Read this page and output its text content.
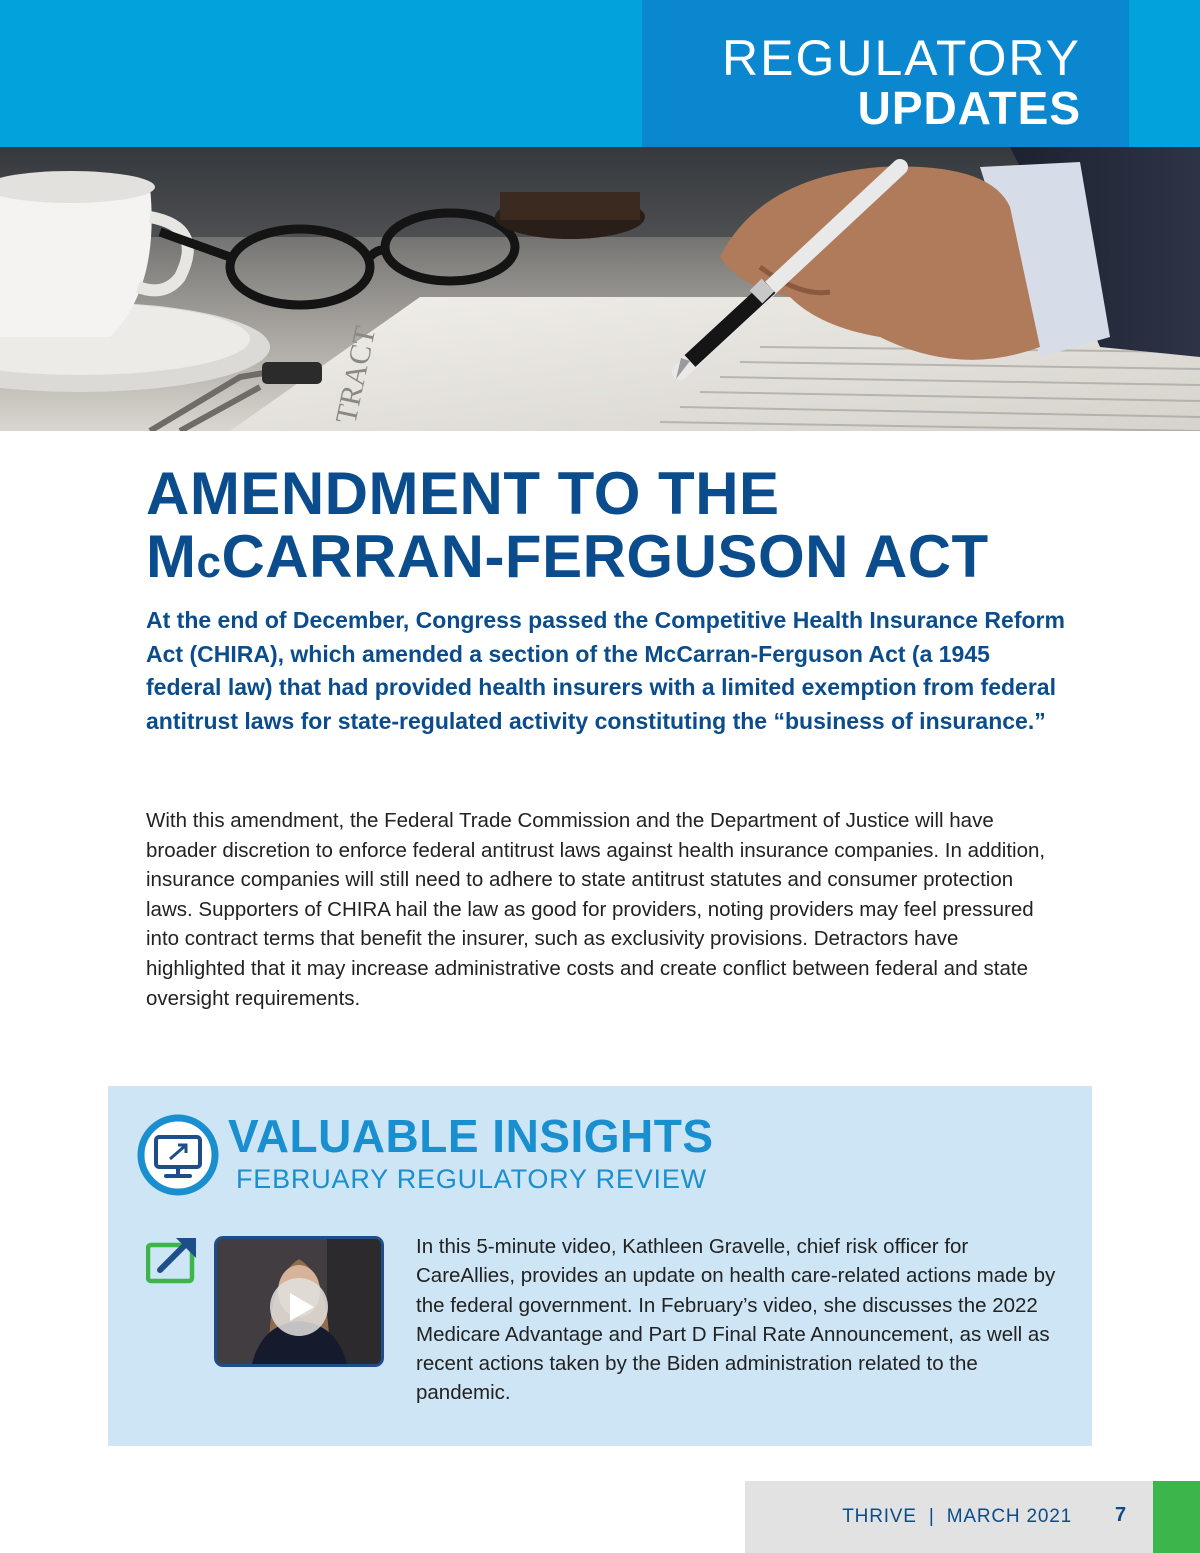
REGULATORY
UPDATES
TRACT
AMENDMENT TO THE
McCARRAN-FERGUSON ACT

At the end of December, Congress passed the Competitive Health Insurance Reform Act (CHIRA), which amended a section of the McCarran-Ferguson Act (a 1945 federal law) that had provided health insurers with a limited exemption from federal antitrust laws for state-regulated activity constituting the “business of insurance.”

With this amendment, the Federal Trade Commission and the Department of Justice will have broader discretion to enforce federal antitrust laws against health insurance companies. In addition, insurance companies will still need to adhere to state antitrust statutes and consumer protection laws. Supporters of CHIRA hail the law as good for providers, noting providers may feel pressured into contract terms that benefit the insurer, such as exclusivity provisions. Detractors have highlighted that it may increase administrative costs and create conflict between federal and state oversight requirements.

VALUABLE INSIGHTS
FEBRUARY REGULATORY REVIEW

In this 5-minute video, Kathleen Gravelle, chief risk officer for CareAllies, provides an update on health care-related actions made by the federal government. In February’s video, she discusses the 2022 Medicare Advantage and Part D Final Rate Announcement, as well as recent actions taken by the Biden administration related to the pandemic.

THRIVE  |  MARCH 2021 7
